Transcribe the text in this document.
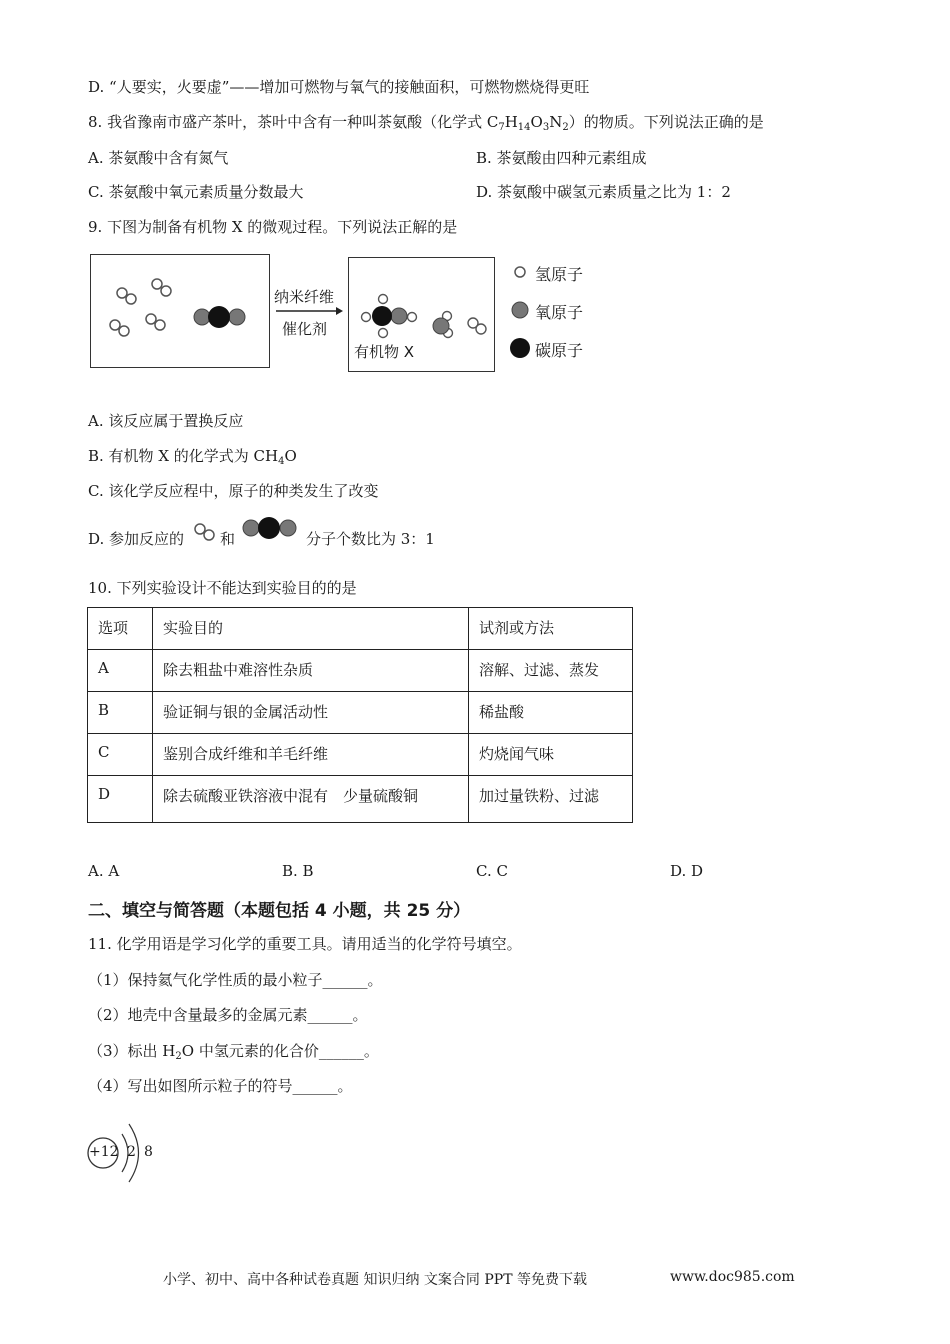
D. “人要实，火要虚”——增加可燃物与氧气的接触面积，可燃物燃烧得更旺
8. 我省豫南市盛产茶叶，茶叶中含有一种叫茶氨酸（化学式 $C_7H_{14}O_3N_2$）的物质。下列说法正确的是
A. 茶氨酸中含有氮气	B. 茶氨酸由四种元素组成
C. 茶氨酸中氧元素质量分数最大	D. 茶氨酸中碳氢元素质量之比为 1：2
9. 下图为制备有机物 X 的微观过程。下列说法正解的是
纳米纤维
催化剂
有机物 X
氢原子
氧原子
碳原子
A. 该反应属于置换反应
B. 有机物 X 的化学式为 $CH_4O$
C. 该化学反应程中，原子的种类发生了改变
D. 参加反应的 和	分子个数比为 3：1
10. 下列实验设计不能达到实验目的的是
选项	实验目的	试剂或方法
A	除去粗盐中难溶性杂质	溶解、过滤、蒸发
B	验证铜与银的金属活动性	稀盐酸
C	鉴别合成纤维和羊毛纤维	灼烧闻气味
D	除去硫酸亚铁溶液中混有　少量硫酸铜	加过量铁粉、过滤
A. A	B. B	C. C	D. D
二、填空与简答题（本题包括 4 小题，共 25 分）
11. 化学用语是学习化学的重要工具。请用适当的化学符号填空。
（1）保持氦气化学性质的最小粒子______。
（2）地壳中含量最多的金属元素______。
（3）标出 $H_2O$ 中氢元素的化合价______。
（4）写出如图所示粒子的符号______。
+12 2 8
小学、初中、高中各种试卷真题 知识归纳 文案合同 PPT 等免费下载	www.doc985.com
